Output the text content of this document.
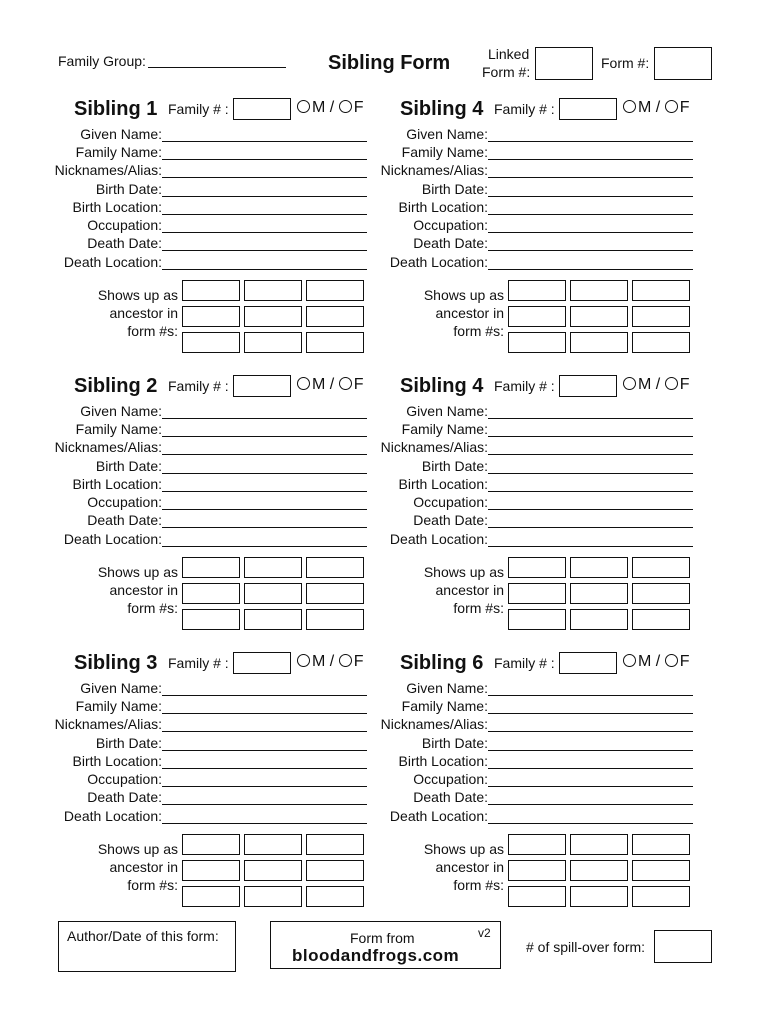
Family Group:	Sibling Form	Linked
Form #:
Form #:
Sibling 1 Family # :	M / F
Given Name:
Family Name:
Nicknames/Alias:
Birth Date:
Birth Location:
Occupation:
Death Date:
Death Location:
Shows up as
ancestor in
form #s:
Sibling 4 Family # :	M / F
Given Name:
Family Name:
Nicknames/Alias:
Birth Date:
Birth Location:
Occupation:
Death Date:
Death Location:
Shows up as
ancestor in
form #s:
Sibling 2 Family # :	M / F
Given Name:
Family Name:
Nicknames/Alias:
Birth Date:
Birth Location:
Occupation:
Death Date:
Death Location:
Shows up as
ancestor in
form #s:
Sibling 4 Family # :	M / F
Given Name:
Family Name:
Nicknames/Alias:
Birth Date:
Birth Location:
Occupation:
Death Date:
Death Location:
Shows up as
ancestor in
form #s:
Sibling 3 Family # :	M / F
Given Name:
Family Name:
Nicknames/Alias:
Birth Date:
Birth Location:
Occupation:
Death Date:
Death Location:
Shows up as
ancestor in
form #s:
Sibling 6 Family # :	M / F
Given Name:
Family Name:
Nicknames/Alias:
Birth Date:
Birth Location:
Occupation:
Death Date:
Death Location:
Shows up as
ancestor in
form #s:
Author/Date of this form:	Form from	v2
bloodandfrogs.com	# of spill-over form:
